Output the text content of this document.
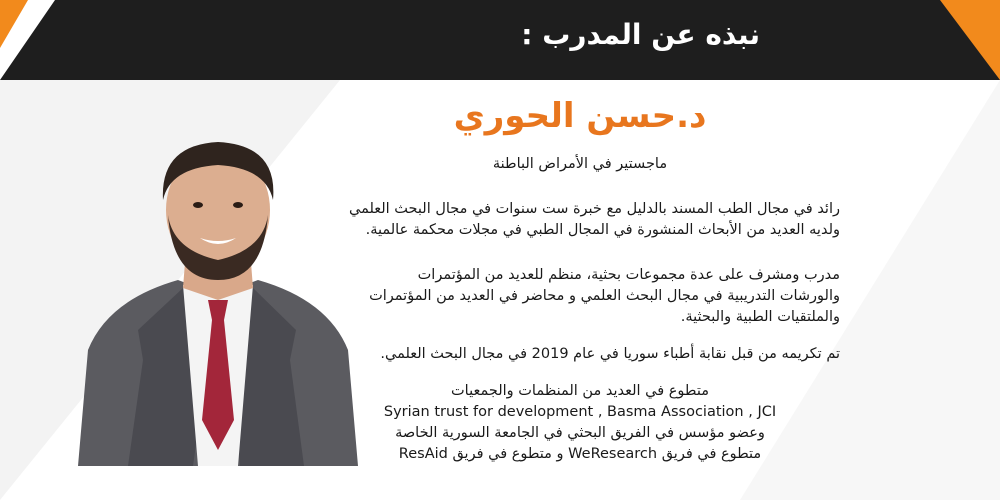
نبذه عن المدرب :
د.حسن الحوري
ماجستير في الأمراض الباطنة
رائد في مجال الطب المسند بالدليل مع خبرة ست سنوات في مجال البحث العلمي
ولديه العديد من الأبحاث المنشورة في المجال الطبي في مجلات محكمة عالمية.
مدرب ومشرف على عدة مجموعات بحثية، منظم للعديد من المؤتمرات
والورشات التدريبية في مجال البحث العلمي و محاضر في العديد من المؤتمرات
والملتقيات الطبية والبحثية.
تم تكريمه من قبل نقابة أطباء سوريا في عام 2019 في مجال البحث العلمي.
متطوع في العديد من المنظمات والجمعيات
Syrian trust for development , Basma Association , JCI
وعضو مؤسس في الفريق البحثي في الجامعة السورية الخاصة
متطوع في فريق WeResearch و متطوع في فريق ResAid
